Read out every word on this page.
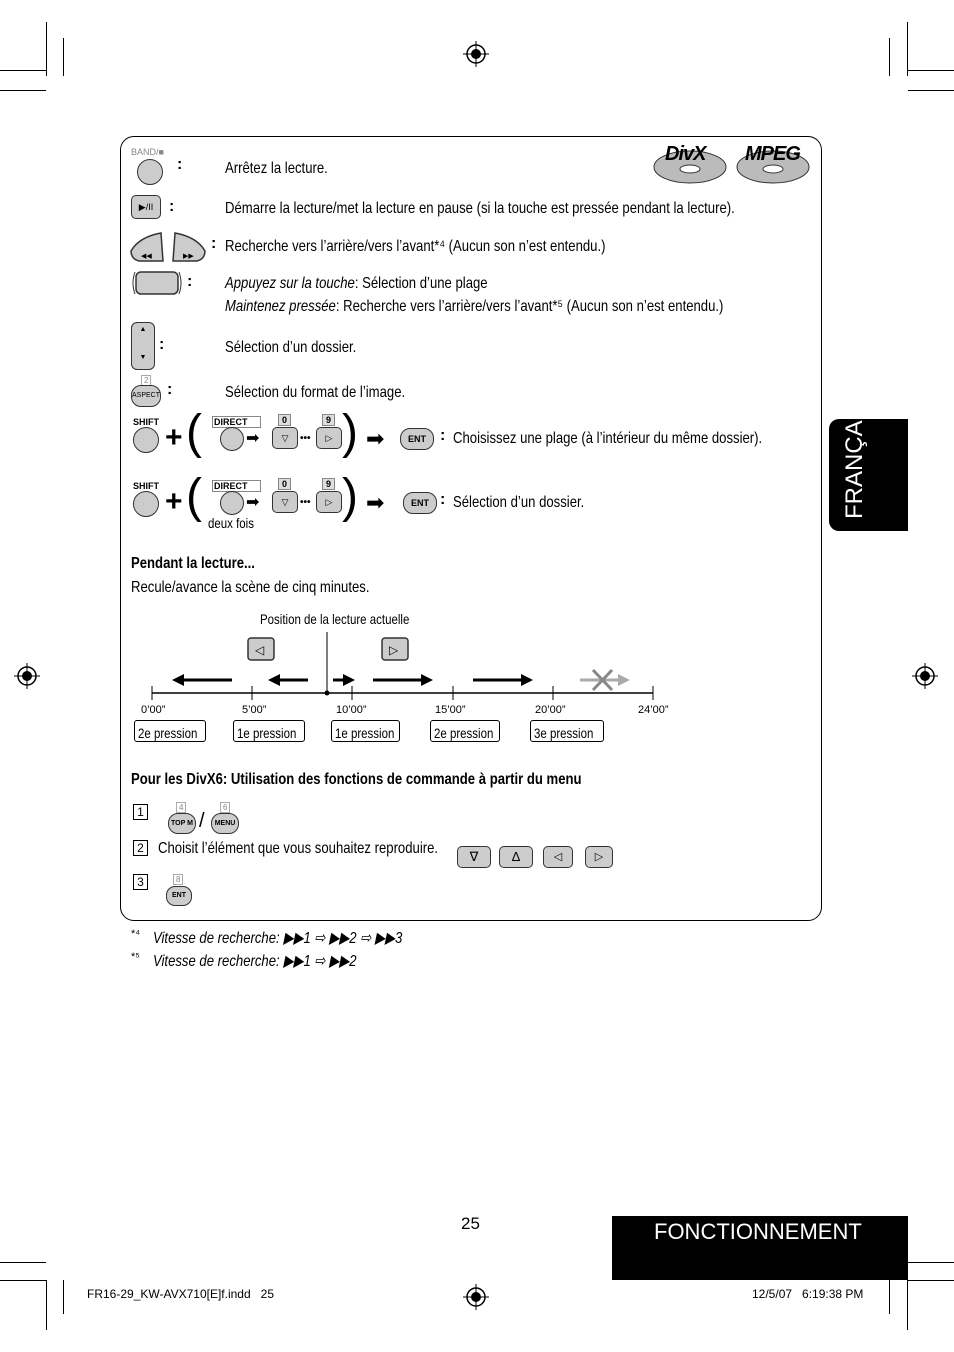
DivX MPEG
BAND/■
:	Arrêtez la lecture.
▶/II :	Démarre la lecture/met la lecture en pause (si la touche est pressée pendant la lecture).
◀◀	▶▶
: Recherche vers l’arrière/vers l’avant*⁴ (Aucun son n’est entendu.)
: Appuyez sur la touche: Sélection d’une plage
Maintenez pressée: Recherche vers l’arrière/vers l’avant*⁵ (Aucun son n’est entendu.)
▲

▼
:	Sélection d’un dossier.
2
ASPECT :	Sélection du format de l’image.
SHIFT + ( DIRECT
➡
0
▽	•••
9
▷ ) ➡	ENT : Choisissez une plage (à l’intérieur du même dossier).
SHIFT + ( DIRECT
➡
0
▽	•••
9
▷ )
deux fois
➡	ENT : Sélection d’un dossier.
Pendant la lecture...
Recule/avance la scène de cinq minutes.
Position de la lecture actuelle
◁	▷
0’00”	5’00”	10’00”	15’00”	20’00”	24’00”
2e pression	1e pression	1e pression	2e pression	3e pression
Pour les DivX6: Utilisation des fonctions de commande à partir du menu
1	4
TOP M /
6
MENU
2 Choisit l’élément que vous souhaitez reproduire.	∇	∆	◁	▷
3	8
ENT
*⁴ Vitesse de recherche: ▶▶1 ⇨ ▶▶2 ⇨ ▶▶3
*⁵ Vitesse de recherche: ▶▶1 ⇨ ▶▶2
FRANÇAIS
25	FONCTIONNEMENT
FR16-29_KW-AVX710[E]f.indd   25	12/5/07   6:19:38 PM
